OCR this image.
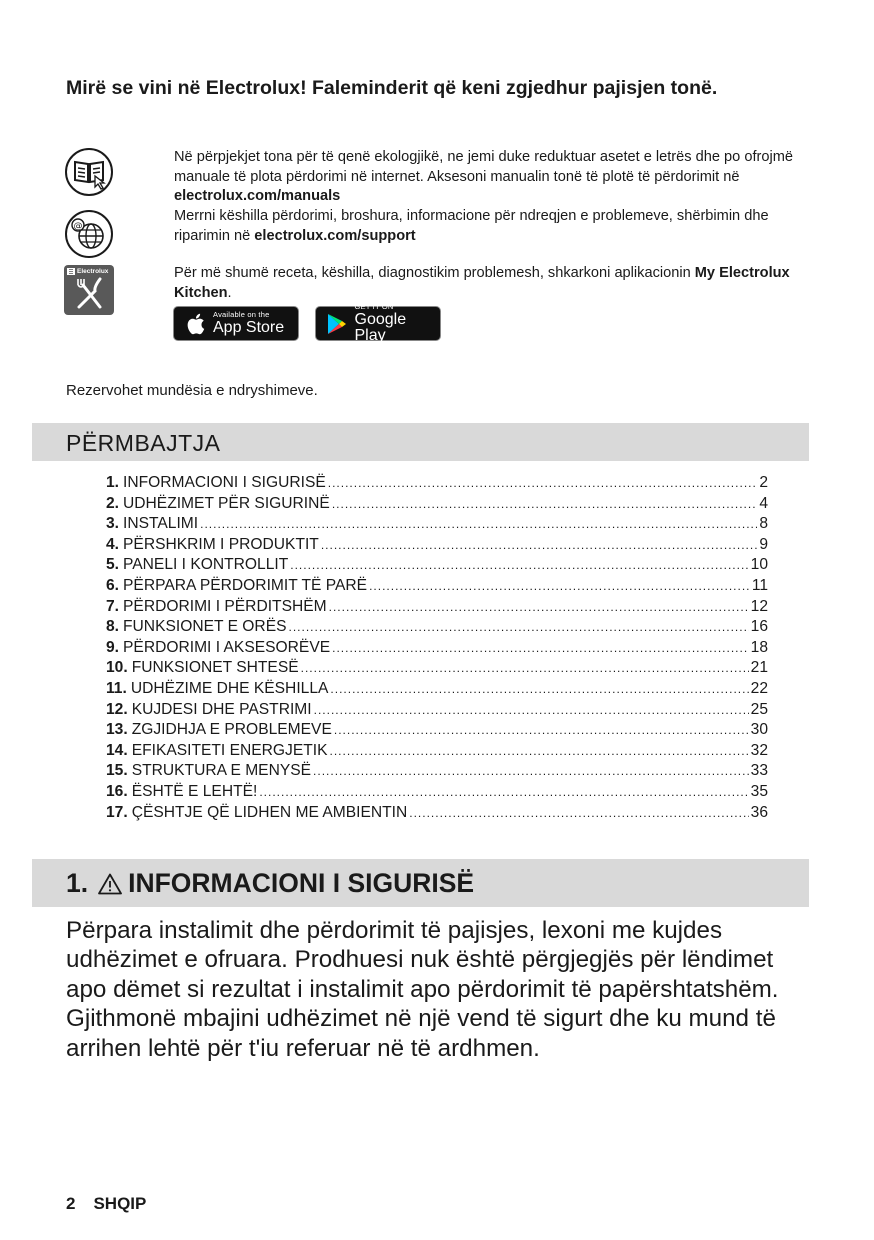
Mirë se vini në Electrolux! Faleminderit që keni zgjedhur pajisjen tonë.
Në përpjekjet tona për të qenë ekologjikë, ne jemi duke reduktuar asetet e letrës dhe po ofrojmë manuale të plota përdorimi në internet. Aksesoni manualin tonë të plotë të përdorimit në electrolux.com/manuals
@
Merrni këshilla përdorimi, broshura, informacione për ndreqjen e problemeve, shërbimin dhe riparimin në electrolux.com/support
Electrolux	Për më shumë receta, këshilla, diagnostikim problemesh, shkarkoni aplikacionin My Electrolux Kitchen.
Available on the
App Store
GET IT ON
Google Play
Rezervohet mundësia e ndryshimeve.
PËRMBAJTJA
1. INFORMACIONI I SIGURISË .....	2
2. UDHËZIMET PËR SIGURINË .....	4
3. INSTALIMI .....	8
4. PËRSHKRIM I PRODUKTIT .....	9
5. PANELI I KONTROLLIT .....	10
6. PËRPARA PËRDORIMIT TË PARË .....	11
7. PËRDORIMI I PËRDITSHËM .....	12
8. FUNKSIONET E ORËS .....	16
9. PËRDORIMI I AKSESORËVE .....	18
10. FUNKSIONET SHTESË .....	21
11. UDHËZIME DHE KËSHILLA .....	22
12. KUJDESI DHE PASTRIMI .....	25
13. ZGJIDHJA E PROBLEMEVE .....	30
14. EFIKASITETI ENERGJETIK .....	32
15. STRUKTURA E MENYSË .....	33
16. ËSHTË E LEHTË! .....	35
17. ÇËSHTJE QË LIDHEN ME AMBIENTIN .....	36
1. INFORMACIONI I SIGURISË
Përpara instalimit dhe përdorimit të pajisjes, lexoni me kujdes udhëzimet e ofruara. Prodhuesi nuk është përgjegjës për lëndimet apo dëmet si rezultat i instalimit apo përdorimit të papërshtatshëm. Gjithmonë mbajini udhëzimet në një vend të sigurt dhe ku mund të arrihen lehtë për t'iu referuar në të ardhmen.
2 SHQIP
